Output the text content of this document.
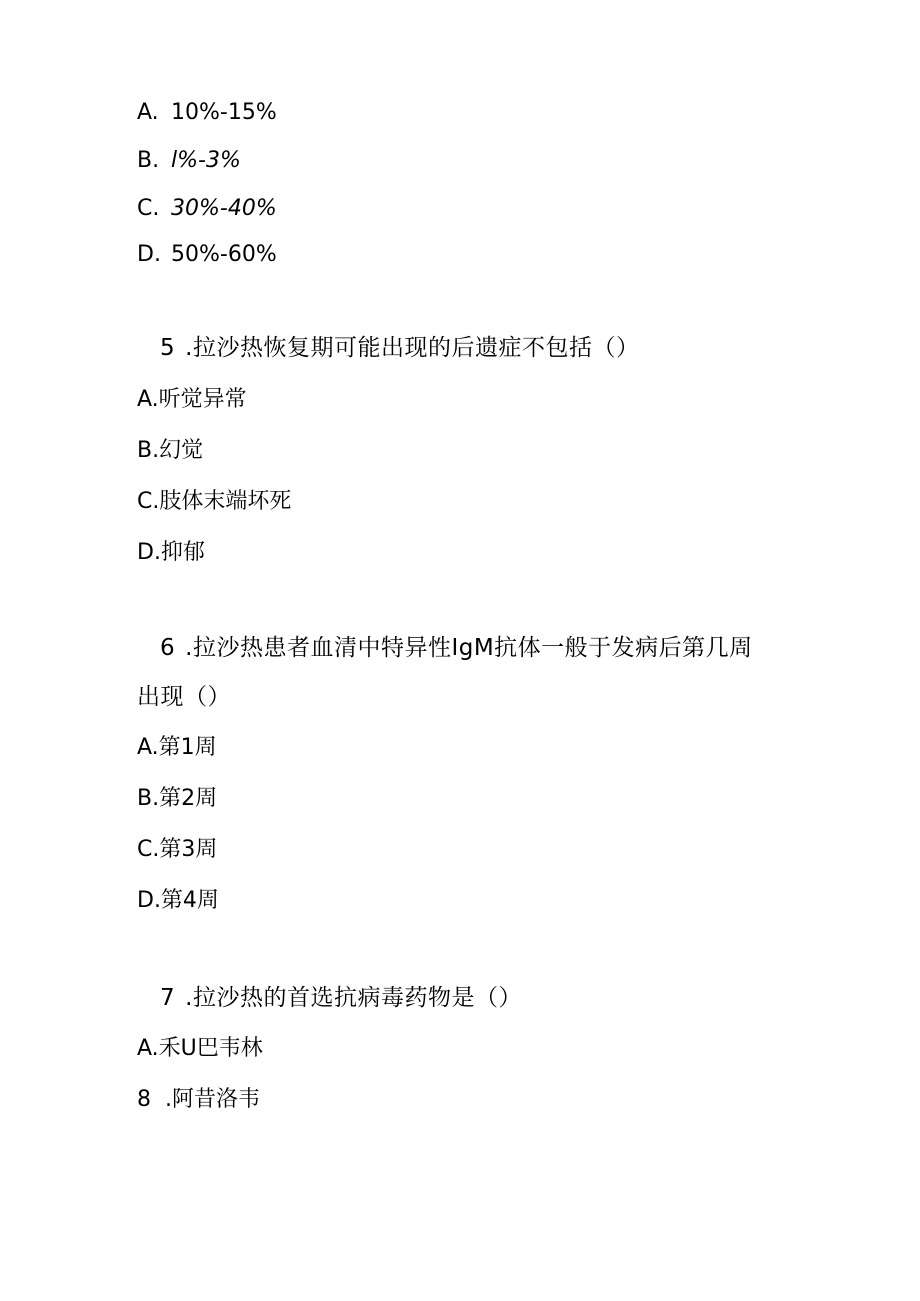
A. 10%-15%
B. l%-3%
C. 30%-40%
D. 50%-60%
5 .拉沙热恢复期可能出现的后遗症不包括（）
A.听觉异常
B.幻觉
C.肢体末端坏死
D.抑郁
6 .拉沙热患者血清中特异性IgM抗体一般于发病后第几周
出现（）
A.第1周
B.第2周
C.第3周
D.第4周
7 .拉沙热的首选抗病毒药物是（）
A.禾U巴韦林
8  .阿昔洛韦
